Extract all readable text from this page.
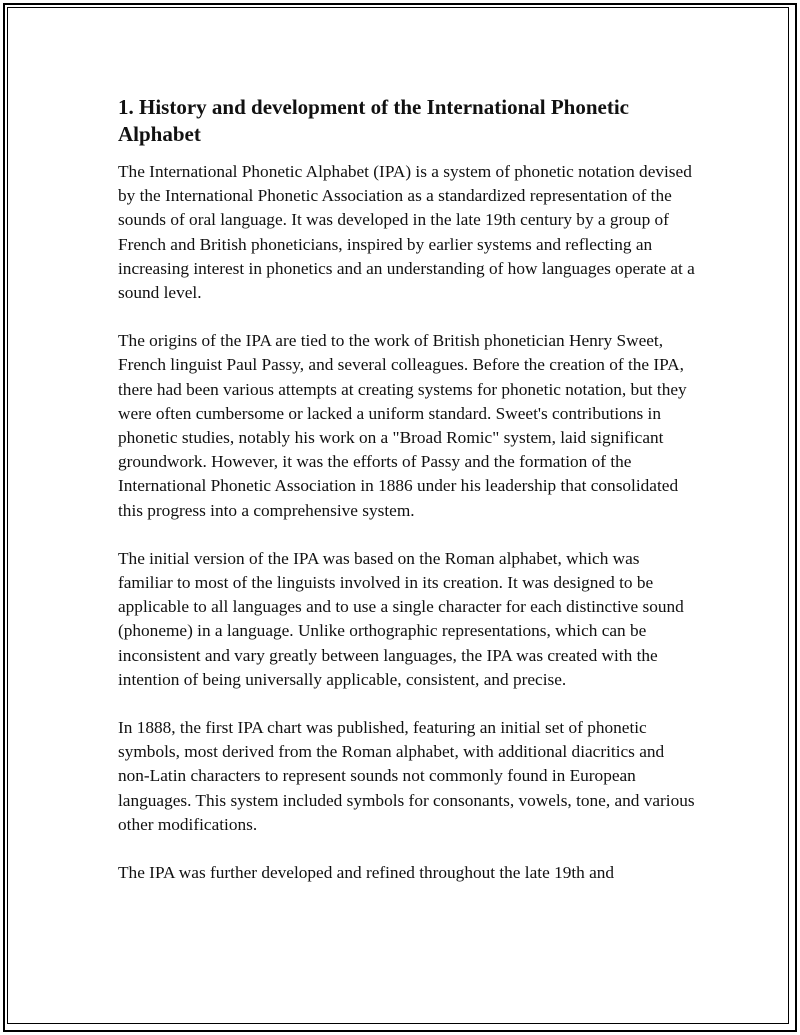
1. History and development of the International Phonetic Alphabet

The International Phonetic Alphabet (IPA) is a system of phonetic notation devised by the International Phonetic Association as a standardized representation of the sounds of oral language. It was developed in the late 19th century by a group of French and British phoneticians, inspired by earlier systems and reflecting an increasing interest in phonetics and an understanding of how languages operate at a sound level.

The origins of the IPA are tied to the work of British phonetician Henry Sweet, French linguist Paul Passy, and several colleagues. Before the creation of the IPA, there had been various attempts at creating systems for phonetic notation, but they were often cumbersome or lacked a uniform standard. Sweet's contributions in phonetic studies, notably his work on a "Broad Romic" system, laid significant groundwork. However, it was the efforts of Passy and the formation of the International Phonetic Association in 1886 under his leadership that consolidated this progress into a comprehensive system.

The initial version of the IPA was based on the Roman alphabet, which was familiar to most of the linguists involved in its creation. It was designed to be applicable to all languages and to use a single character for each distinctive sound (phoneme) in a language. Unlike orthographic representations, which can be inconsistent and vary greatly between languages, the IPA was created with the intention of being universally applicable, consistent, and precise.

In 1888, the first IPA chart was published, featuring an initial set of phonetic symbols, most derived from the Roman alphabet, with additional diacritics and non-Latin characters to represent sounds not commonly found in European languages. This system included symbols for consonants, vowels, tone, and various other modifications.

The IPA was further developed and refined throughout the late 19th and
